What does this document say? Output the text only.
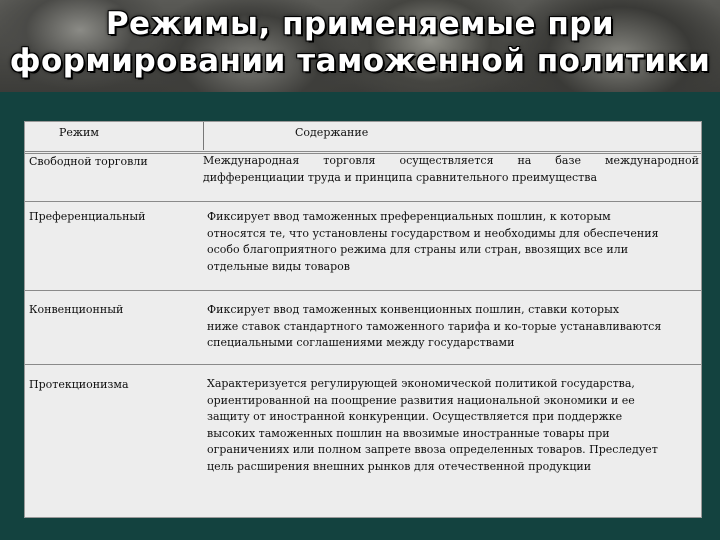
Режимы, применяемые при
формировании таможенной политики
Режим	Содержание
Свободной торговли	Международная торговля осуществляется на базе международной
дифференциации труда и принципа сравнительного преимущества
Преференциальный	Фиксирует ввод таможенных преференциальных пошлин, к которым
относятся те, что установлены государством и необходимы для обеспечения
особо благоприятного режима для страны или стран, ввозящих все или
отдельные виды товаров
Конвенционный	Фиксирует ввод таможенных конвенционных пошлин, ставки которых
ниже ставок стандартного таможенного тарифа и ко-торые устанавливаются
специальными соглашениями между государствами
Протекционизма	Характеризуется регулирующей экономической политикой государства,
ориентированной на поощрение развития национальной экономики и ее
защиту от иностранной конкуренции. Осуществляется при поддержке
высоких таможенных пошлин на ввозимые иностранные товары при
ограничениях или полном запрете ввоза определенных товаров. Преследует
цель расширения внешних рынков для отечественной продукции
